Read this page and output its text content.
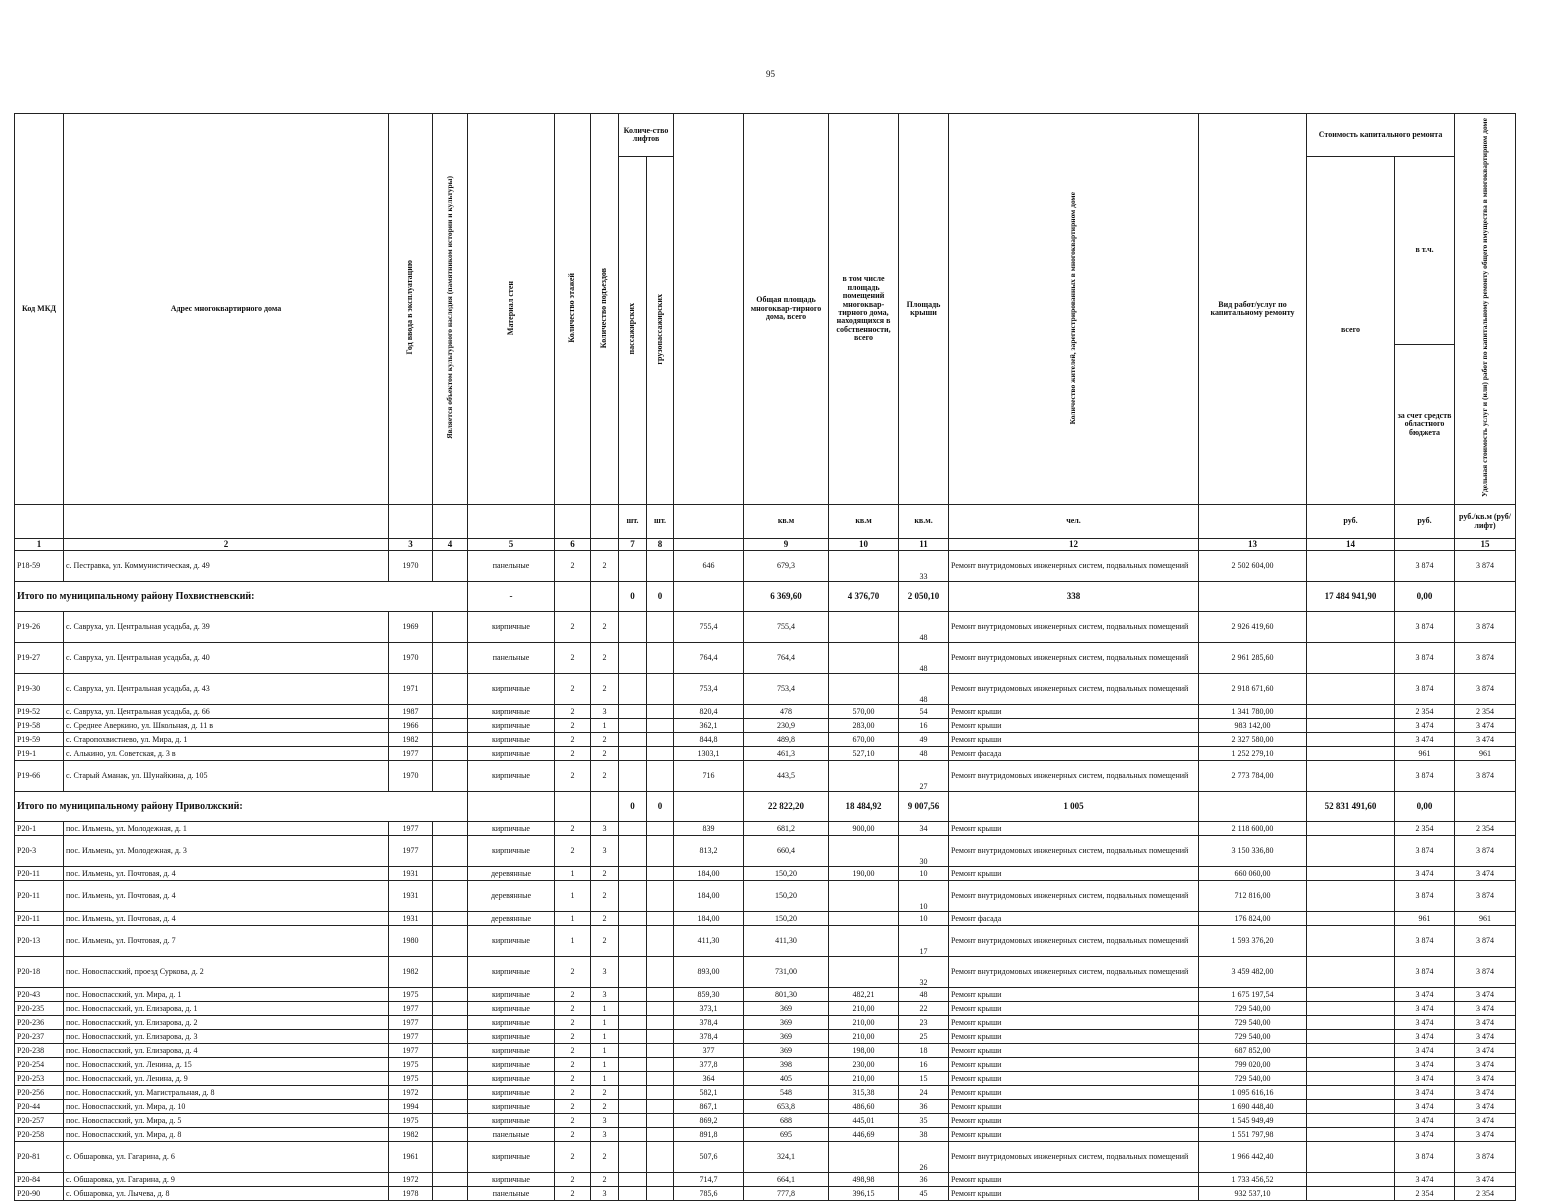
95
Код МКД	Адрес многоквартирного дома	Год ввода в эксплуатацию	Является объектом культурного наследия (памятником истории и культуры)	Материал стен	Количество этажей	Количество подъездов	Количе-ство лифтов			Общая площадь многоквар-тирного дома, всего	в том числе площадь помещений многоквар-тирного дома, находящихся в собственности, всего	Площадь крыши	Количество жителей, зарегистрированных в многоквартирном доме	Вид работ/услуг по капитальному ремонту	Стоимость капитального ремонта		Удельная стоимость услуг и (или) работ по капитальному ремонту общего имущества в многоквартирном доме	
							пассажирских	грузопассажирских							всего	в т.ч.		
																за счет средств областного бюджета		
							шт.	шт.		кв.м	кв.м	кв.м.	чел.		руб.	руб.	руб./кв.м (руб/лифт)	
1	2	3	4	5	6		7	8		9	10	11	12	13	14		15	
Р18-59	с. Пестравка, ул. Коммунистическая, д. 49	1970		панельные	2	2			646	679,3		33	Ремонт внутридомовых инженерных систем, подвальных помещений	2 502 604,00		3 874	3 874	
Итого по муниципальному району Похвистневский:				-			0	0		6 369,60	4 376,70	2 050,10	338		17 484 941,90	0,00		
Р19-26	с. Савруха, ул. Центральная усадьба, д. 39	1969		кирпичные	2	2			755,4	755,4		48	Ремонт внутридомовых инженерных систем, подвальных помещений	2 926 419,60		3 874	3 874	
Р19-27	с. Савруха, ул. Центральная усадьба, д. 40	1970		панельные	2	2			764,4	764,4		48	Ремонт внутридомовых инженерных систем, подвальных помещений	2 961 285,60		3 874	3 874	
Р19-30	с. Савруха, ул. Центральная усадьба, д. 43	1971		кирпичные	2	2			753,4	753,4		48	Ремонт внутридомовых инженерных систем, подвальных помещений	2 918 671,60		3 874	3 874	
Р19-52	с. Савруха, ул. Центральная усадьба, д. 66	1987		кирпичные	2	3			820,4	478	570,00	54	Ремонт крыши	1 341 780,00		2 354	2 354	
Р19-58	с. Среднее Аверкино, ул. Школьная, д. 11 в	1966		кирпичные	2	1			362,1	230,9	283,00	16	Ремонт крыши	983 142,00		3 474	3 474	
Р19-59	с. Старопохвистнево, ул. Мира, д. 1	1982		кирпичные	2	2			844,8	489,8	670,00	49	Ремонт крыши	2 327 580,00		3 474	3 474	
Р19-1	с. Алькино, ул. Советская, д. 3 в	1977		кирпичные	2	2			1303,1	461,3	527,10	48	Ремонт фасада	1 252 279,10		961	961	
Р19-66	с. Старый Аманак, ул. Шунайкина, д. 105	1970		кирпичные	2	2			716	443,5		27	Ремонт внутридомовых инженерных систем, подвальных помещений	2 773 784,00		3 874	3 874	
Итого по муниципальному району Приволжский:							0	0		22 822,20	18 484,92	9 007,56	1 005		52 831 491,60	0,00		
Р20-1	пос. Ильмень, ул. Молодежная, д. 1	1977		кирпичные	2	3			839	681,2	900,00	34	Ремонт крыши	2 118 600,00		2 354	2 354	
Р20-3	пос. Ильмень, ул. Молодежная, д. 3	1977		кирпичные	2	3			813,2	660,4		30	Ремонт внутридомовых инженерных систем, подвальных помещений	3 150 336,80		3 874	3 874	
Р20-11	пос. Ильмень, ул. Почтовая, д. 4	1931		деревянные	1	2			184,00	150,20	190,00	10	Ремонт крыши	660 060,00		3 474	3 474	
Р20-11	пос. Ильмень, ул. Почтовая, д. 4	1931		деревянные	1	2			184,00	150,20		10	Ремонт внутридомовых инженерных систем, подвальных помещений	712 816,00		3 874	3 874	
Р20-11	пос. Ильмень, ул. Почтовая, д. 4	1931		деревянные	1	2			184,00	150,20		10	Ремонт фасада	176 824,00		961	961	
Р20-13	пос. Ильмень, ул. Почтовая, д. 7	1980		кирпичные	1	2			411,30	411,30		17	Ремонт внутридомовых инженерных систем, подвальных помещений	1 593 376,20		3 874	3 874	
Р20-18	пос. Новоспасский, проезд Суркова, д. 2	1982		кирпичные	2	3			893,00	731,00		32	Ремонт внутридомовых инженерных систем, подвальных помещений	3 459 482,00		3 874	3 874	
Р20-43	пос. Новоспасский, ул. Мира, д. 1	1975		кирпичные	2	3			859,30	801,30	482,21	48	Ремонт крыши	1 675 197,54		3 474	3 474	
Р20-235	пос. Новоспасский, ул. Елизарова, д. 1	1977		кирпичные	2	1			373,1	369	210,00	22	Ремонт крыши	729 540,00		3 474	3 474	
Р20-236	пос. Новоспасский, ул. Елизарова, д. 2	1977		кирпичные	2	1			378,4	369	210,00	23	Ремонт крыши	729 540,00		3 474	3 474	
Р20-237	пос. Новоспасский, ул. Елизарова, д. 3	1977		кирпичные	2	1			378,4	369	210,00	25	Ремонт крыши	729 540,00		3 474	3 474	
Р20-238	пос. Новоспасский, ул. Елизарова, д. 4	1977		кирпичные	2	1			377	369	198,00	18	Ремонт крыши	687 852,00		3 474	3 474	
Р20-254	пос. Новоспасский, ул. Ленина, д. 15	1975		кирпичные	2	1			377,8	398	230,00	16	Ремонт крыши	799 020,00		3 474	3 474	
Р20-253	пос. Новоспасский, ул. Ленина, д. 9	1975		кирпичные	2	1			364	405	210,00	15	Ремонт крыши	729 540,00		3 474	3 474	
Р20-256	пос. Новоспасский, ул. Магистральная, д. 8	1972		кирпичные	2	2			582,1	548	315,38	24	Ремонт крыши	1 095 616,16		3 474	3 474	
Р20-44	пос. Новоспасский, ул. Мира, д. 10	1994		кирпичные	2	2			867,1	653,8	486,60	36	Ремонт крыши	1 690 448,40		3 474	3 474	
Р20-257	пос. Новоспасский, ул. Мира, д. 5	1975		кирпичные	2	3			869,2	688	445,01	35	Ремонт крыши	1 545 949,49		3 474	3 474	
Р20-258	пос. Новоспасский, ул. Мира, д. 8	1982		панельные	2	3			891,8	695	446,69	38	Ремонт крыши	1 551 797,98		3 474	3 474	
Р20-81	с. Обшаровка, ул. Гагарина, д. 6	1961		кирпичные	2	2			507,6	324,1		26	Ремонт внутридомовых инженерных систем, подвальных помещений	1 966 442,40		3 874	3 874	
Р20-84	с. Обшаровка, ул. Гагарина, д. 9	1972		кирпичные	2	2			714,7	664,1	498,98	36	Ремонт крыши	1 733 456,52		3 474	3 474	
Р20-90	с. Обшаровка, ул. Лычева, д. 8	1978		панельные	2	3			785,6	777,8	396,15	45	Ремонт крыши	932 537,10		2 354	2 354	
